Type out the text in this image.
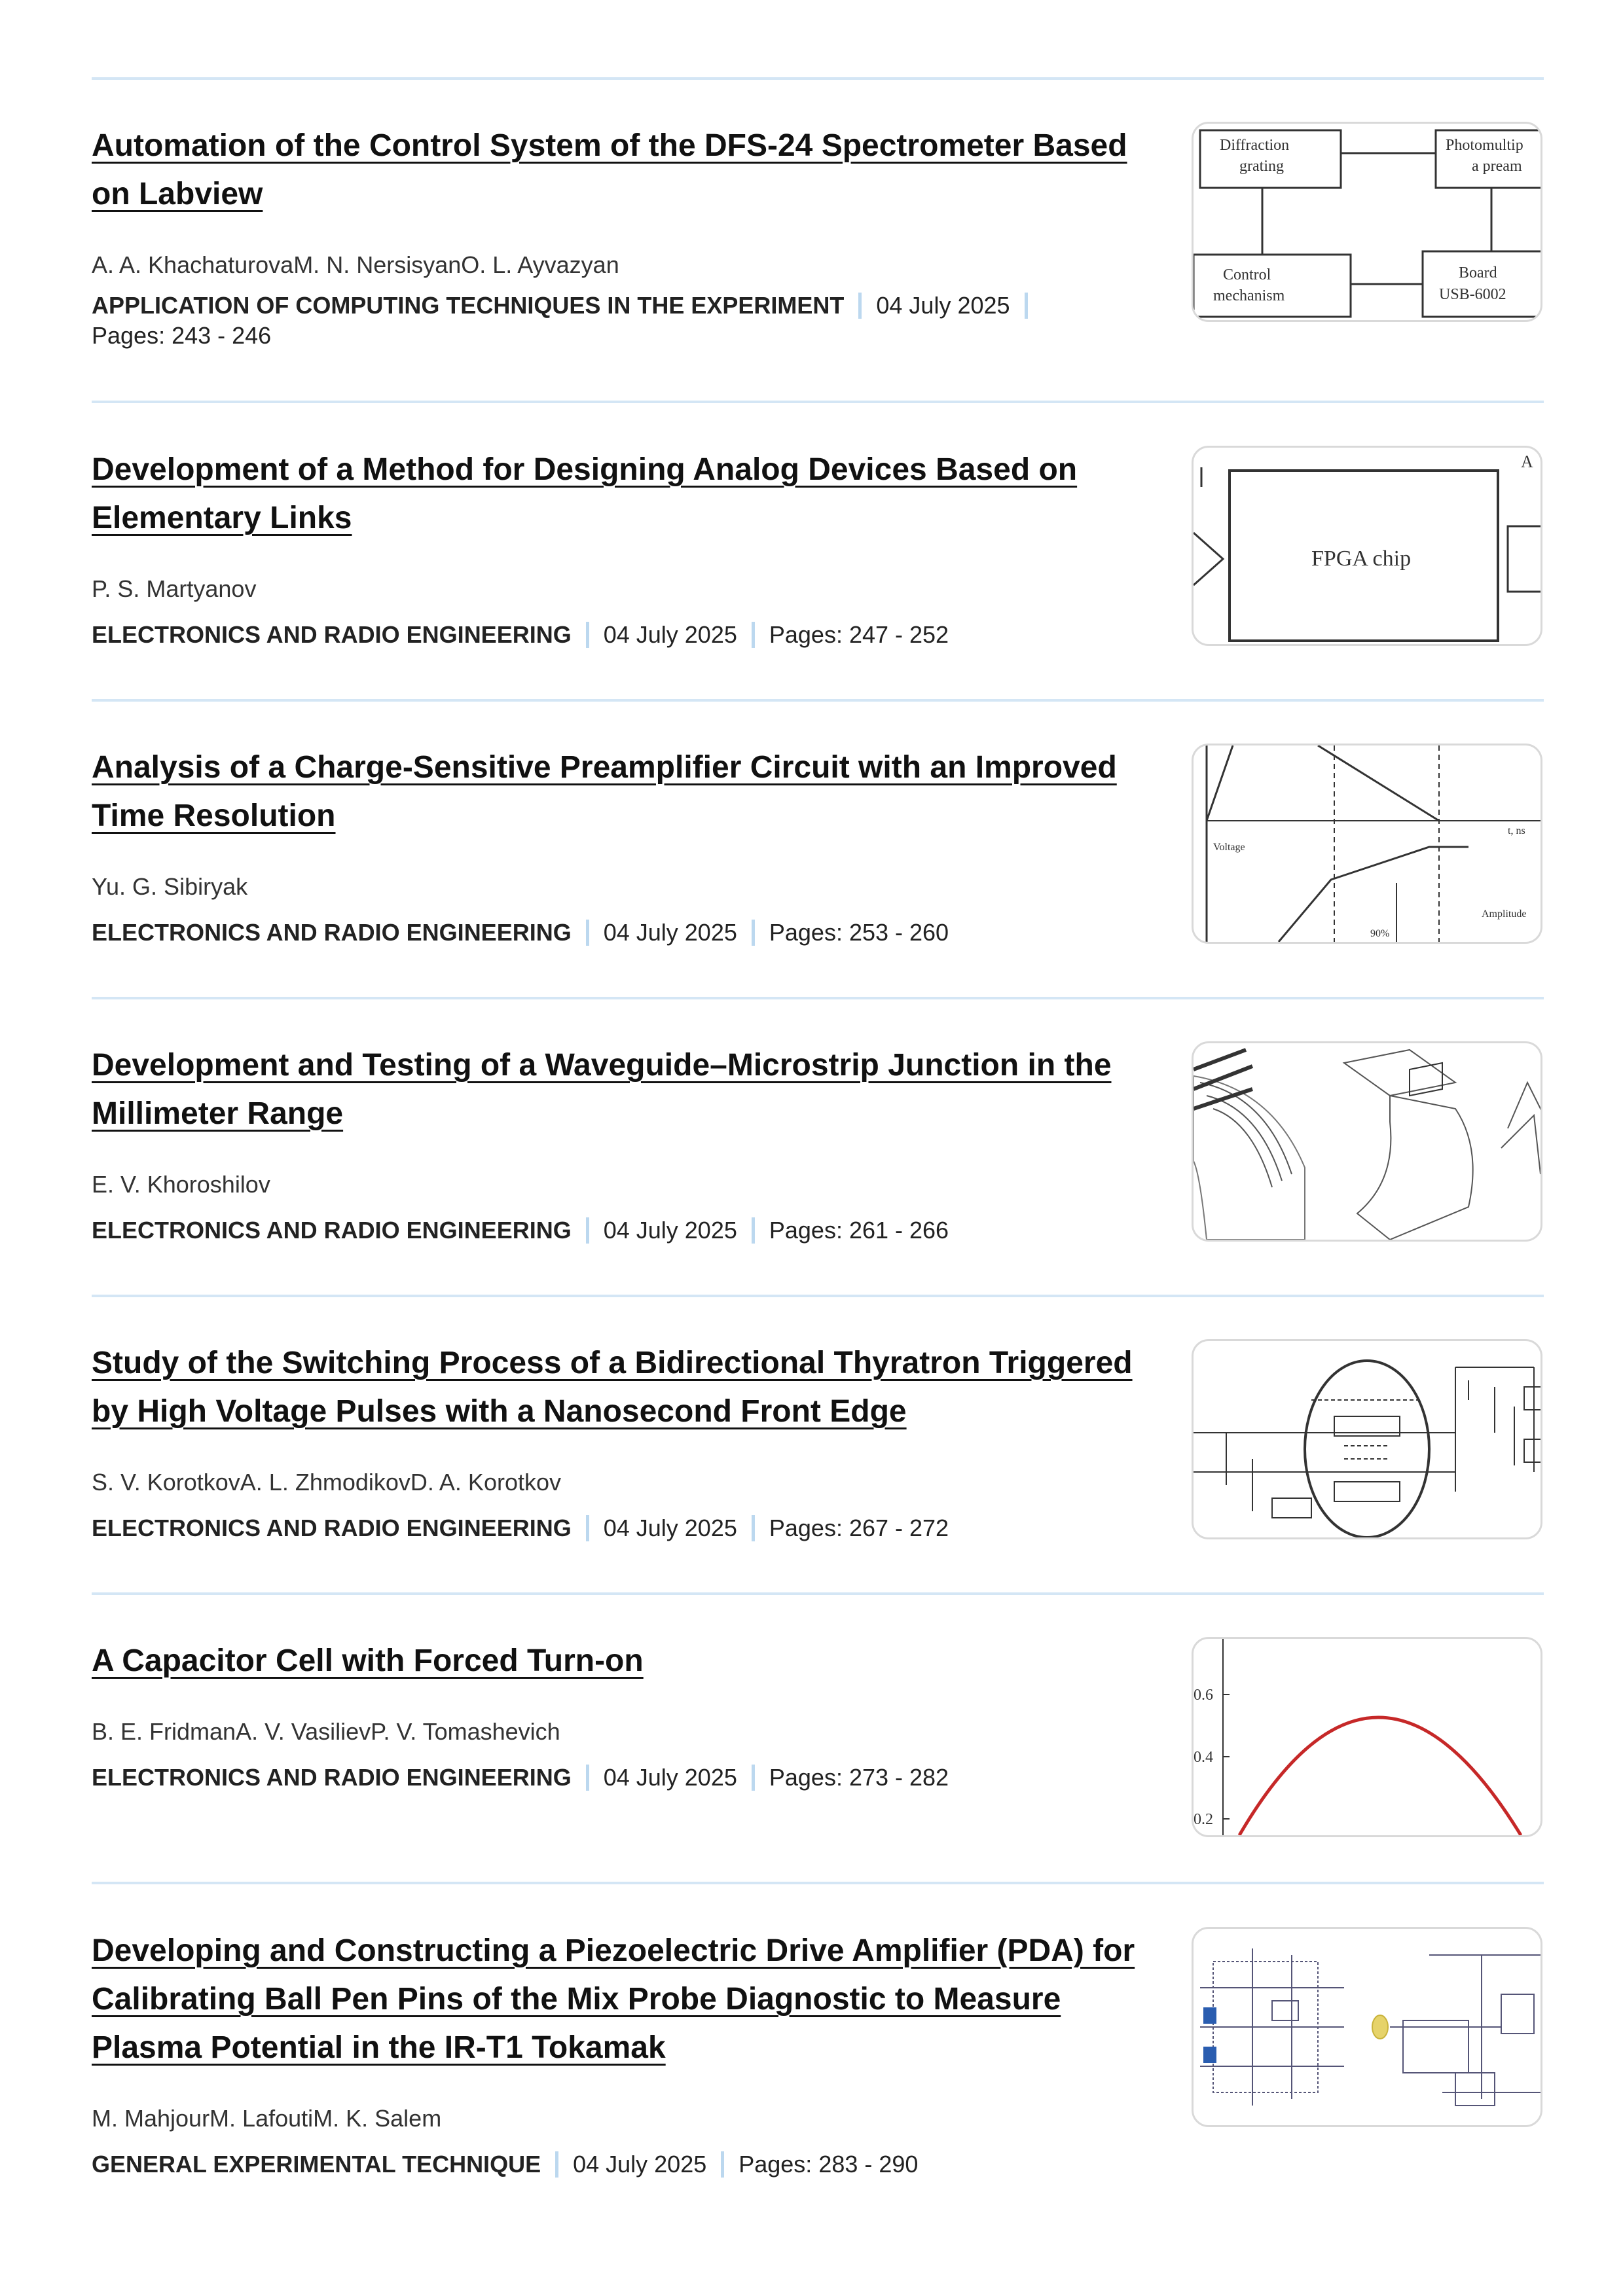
Automation of the Control System of the DFS-24 Spectrometer Based on Labview
A. A. KhachaturovaM. N. NersisyanO. L. Ayvazyan
APPLICATION OF COMPUTING TECHNIQUES IN THE EXPERIMENT 04 July 2025
Pages: 243 - 246
Diffraction
grating
Photomultip
a pream
Control
mechanism
Board
USB-6002
Development of a Method for Designing Analog Devices Based on Elementary Links
P. S. Martyanov
ELECTRONICS AND RADIO ENGINEERING 04 July 2025 Pages: 247 - 252
FPGA chip
A
Analysis of a Charge-Sensitive Preamplifier Circuit with an Improved Time Resolution
Yu. G. Sibiryak
ELECTRONICS AND RADIO ENGINEERING 04 July 2025 Pages: 253 - 260
Voltage
t, ns
90%
Amplitude
Development and Testing of a Waveguide–Microstrip Junction in the Millimeter Range
E. V. Khoroshilov
ELECTRONICS AND RADIO ENGINEERING 04 July 2025 Pages: 261 - 266
Study of the Switching Process of a Bidirectional Thyratron Triggered by High Voltage Pulses with a Nanosecond Front Edge
S. V. KorotkovA. L. ZhmodikovD. A. Korotkov
ELECTRONICS AND RADIO ENGINEERING 04 July 2025 Pages: 267 - 272
A Capacitor Cell with Forced Turn-on
B. E. FridmanA. V. VasilievP. V. Tomashevich
ELECTRONICS AND RADIO ENGINEERING 04 July 2025 Pages: 273 - 282
0.6
0.4
0.2
Developing and Constructing a Piezoelectric Drive Amplifier (PDA) for Calibrating Ball Pen Pins of the Mix Probe Diagnostic to Measure Plasma Potential in the IR-T1 Tokamak
M. MahjourM. LafoutiM. K. Salem
GENERAL EXPERIMENTAL TECHNIQUE 04 July 2025 Pages: 283 - 290
